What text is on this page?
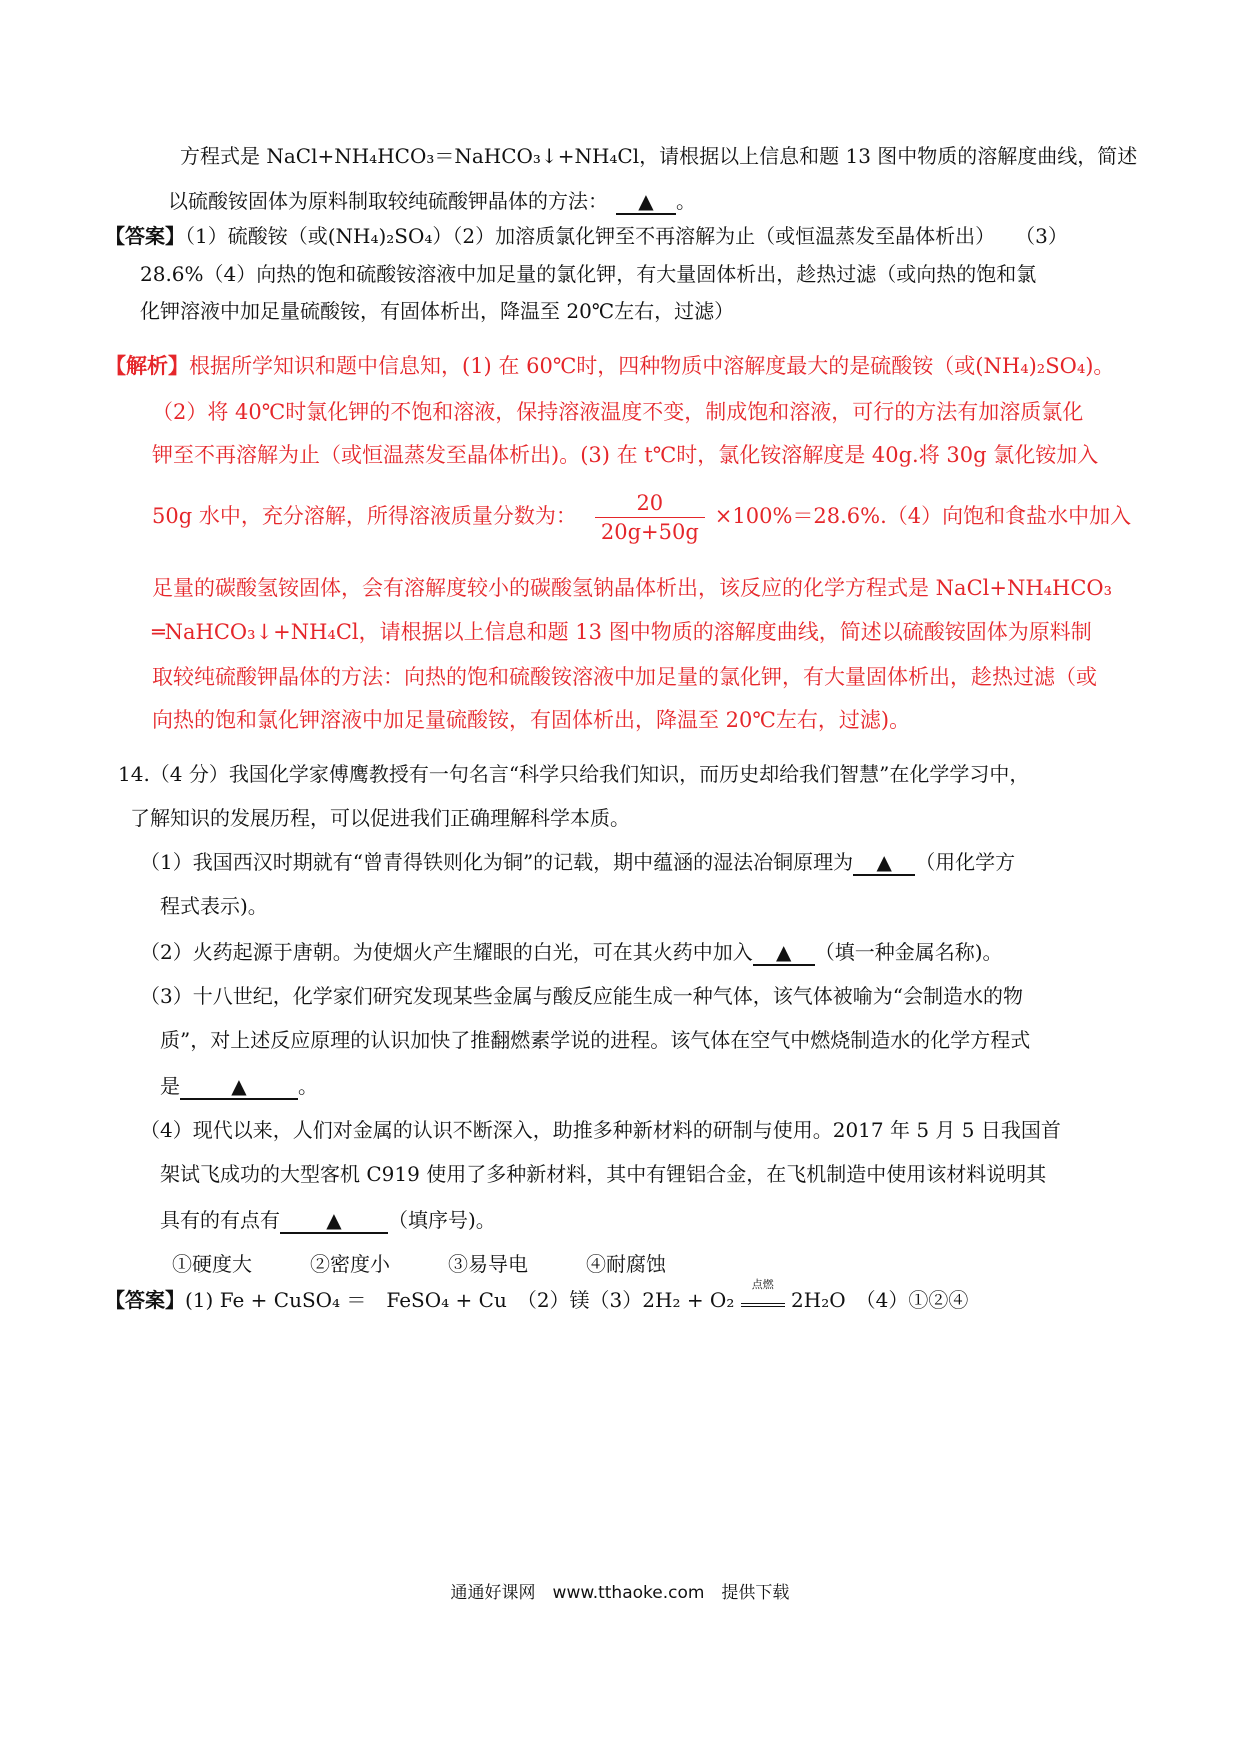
方程式是 NaCl+NH₄HCO₃＝NaHCO₃↓+NH₄Cl，请根据以上信息和题 13 图中物质的溶解度曲线，简述
以硫酸铵固体为原料制取较纯硫酸钾晶体的方法： ▲ 。
【答案】（1）硫酸铵（或(NH₄)₂SO₄）（2）加溶质氯化钾至不再溶解为止（或恒温蒸发至晶体析出）　　（3）
28.6%（4）向热的饱和硫酸铵溶液中加足量的氯化钾，有大量固体析出，趁热过滤（或向热的饱和氯
化钾溶液中加足量硫酸铵，有固体析出，降温至 20℃左右，过滤）
【解析】根据所学知识和题中信息知，(1) 在 60℃时，四种物质中溶解度最大的是硫酸铵（或(NH₄)₂SO₄)。
（2）将 40℃时氯化钾的不饱和溶液，保持溶液温度不变，制成饱和溶液，可行的方法有加溶质氯化
钾至不再溶解为止（或恒温蒸发至晶体析出)。(3) 在 t℃时，氯化铵溶解度是 40g.将 30g 氯化铵加入
50g 水中，充分溶解，所得溶液质量分数为： $\frac{20}{20g+50g} \times 100\%=28.6\%.(4)$向饱和食盐水中加入
足量的碳酸氢铵固体，会有溶解度较小的碳酸氢钠晶体析出，该反应的化学方程式是 NaCl+NH₄HCO₃
═NaHCO₃↓+NH₄Cl，请根据以上信息和题 13 图中物质的溶解度曲线，简述以硫酸铵固体为原料制
取较纯硫酸钾晶体的方法：向热的饱和硫酸铵溶液中加足量的氯化钾，有大量固体析出，趁热过滤（或
向热的饱和氯化钾溶液中加足量硫酸铵，有固体析出，降温至 20℃左右，过滤)。
14.（4 分）我国化学家傅鹰教授有一句名言“科学只给我们知识，而历史却给我们智慧”在化学学习中，
了解知识的发展历程，可以促进我们正确理解科学本质。
（1）我国西汉时期就有“曾青得铁则化为铜”的记载，期中蕴涵的湿法冶铜原理为 ▲ （用化学方
程式表示)。
（2）火药起源于唐朝。为使烟火产生耀眼的白光，可在其火药中加入 ▲ （填一种金属名称)。
（3）十八世纪，化学家们研究发现某些金属与酸反应能生成一种气体，该气体被喻为“会制造水的物
质”，对上述反应原理的认识加快了推翻燃素学说的进程。该气体在空气中燃烧制造水的化学方程式
是	▲	。
（4）现代以来，人们对金属的认识不断深入，助推多种新材料的研制与使用。2017 年 5 月 5 日我国首
架试飞成功的大型客机 C919 使用了多种新材料，其中有锂铝合金，在飞机制造中使用该材料说明其
具有的有点有 ▲ （填序号)。
①硬度大	②密度小	③易导电	④耐腐蚀
【答案】(1) Fe + CuSO₄ ＝　FeSO₄ + Cu　（2）镁（3）2H₂ + O₂
点燃
2H₂O　（4）①②④
通通好课网　www.tthaoke.com　提供下载
